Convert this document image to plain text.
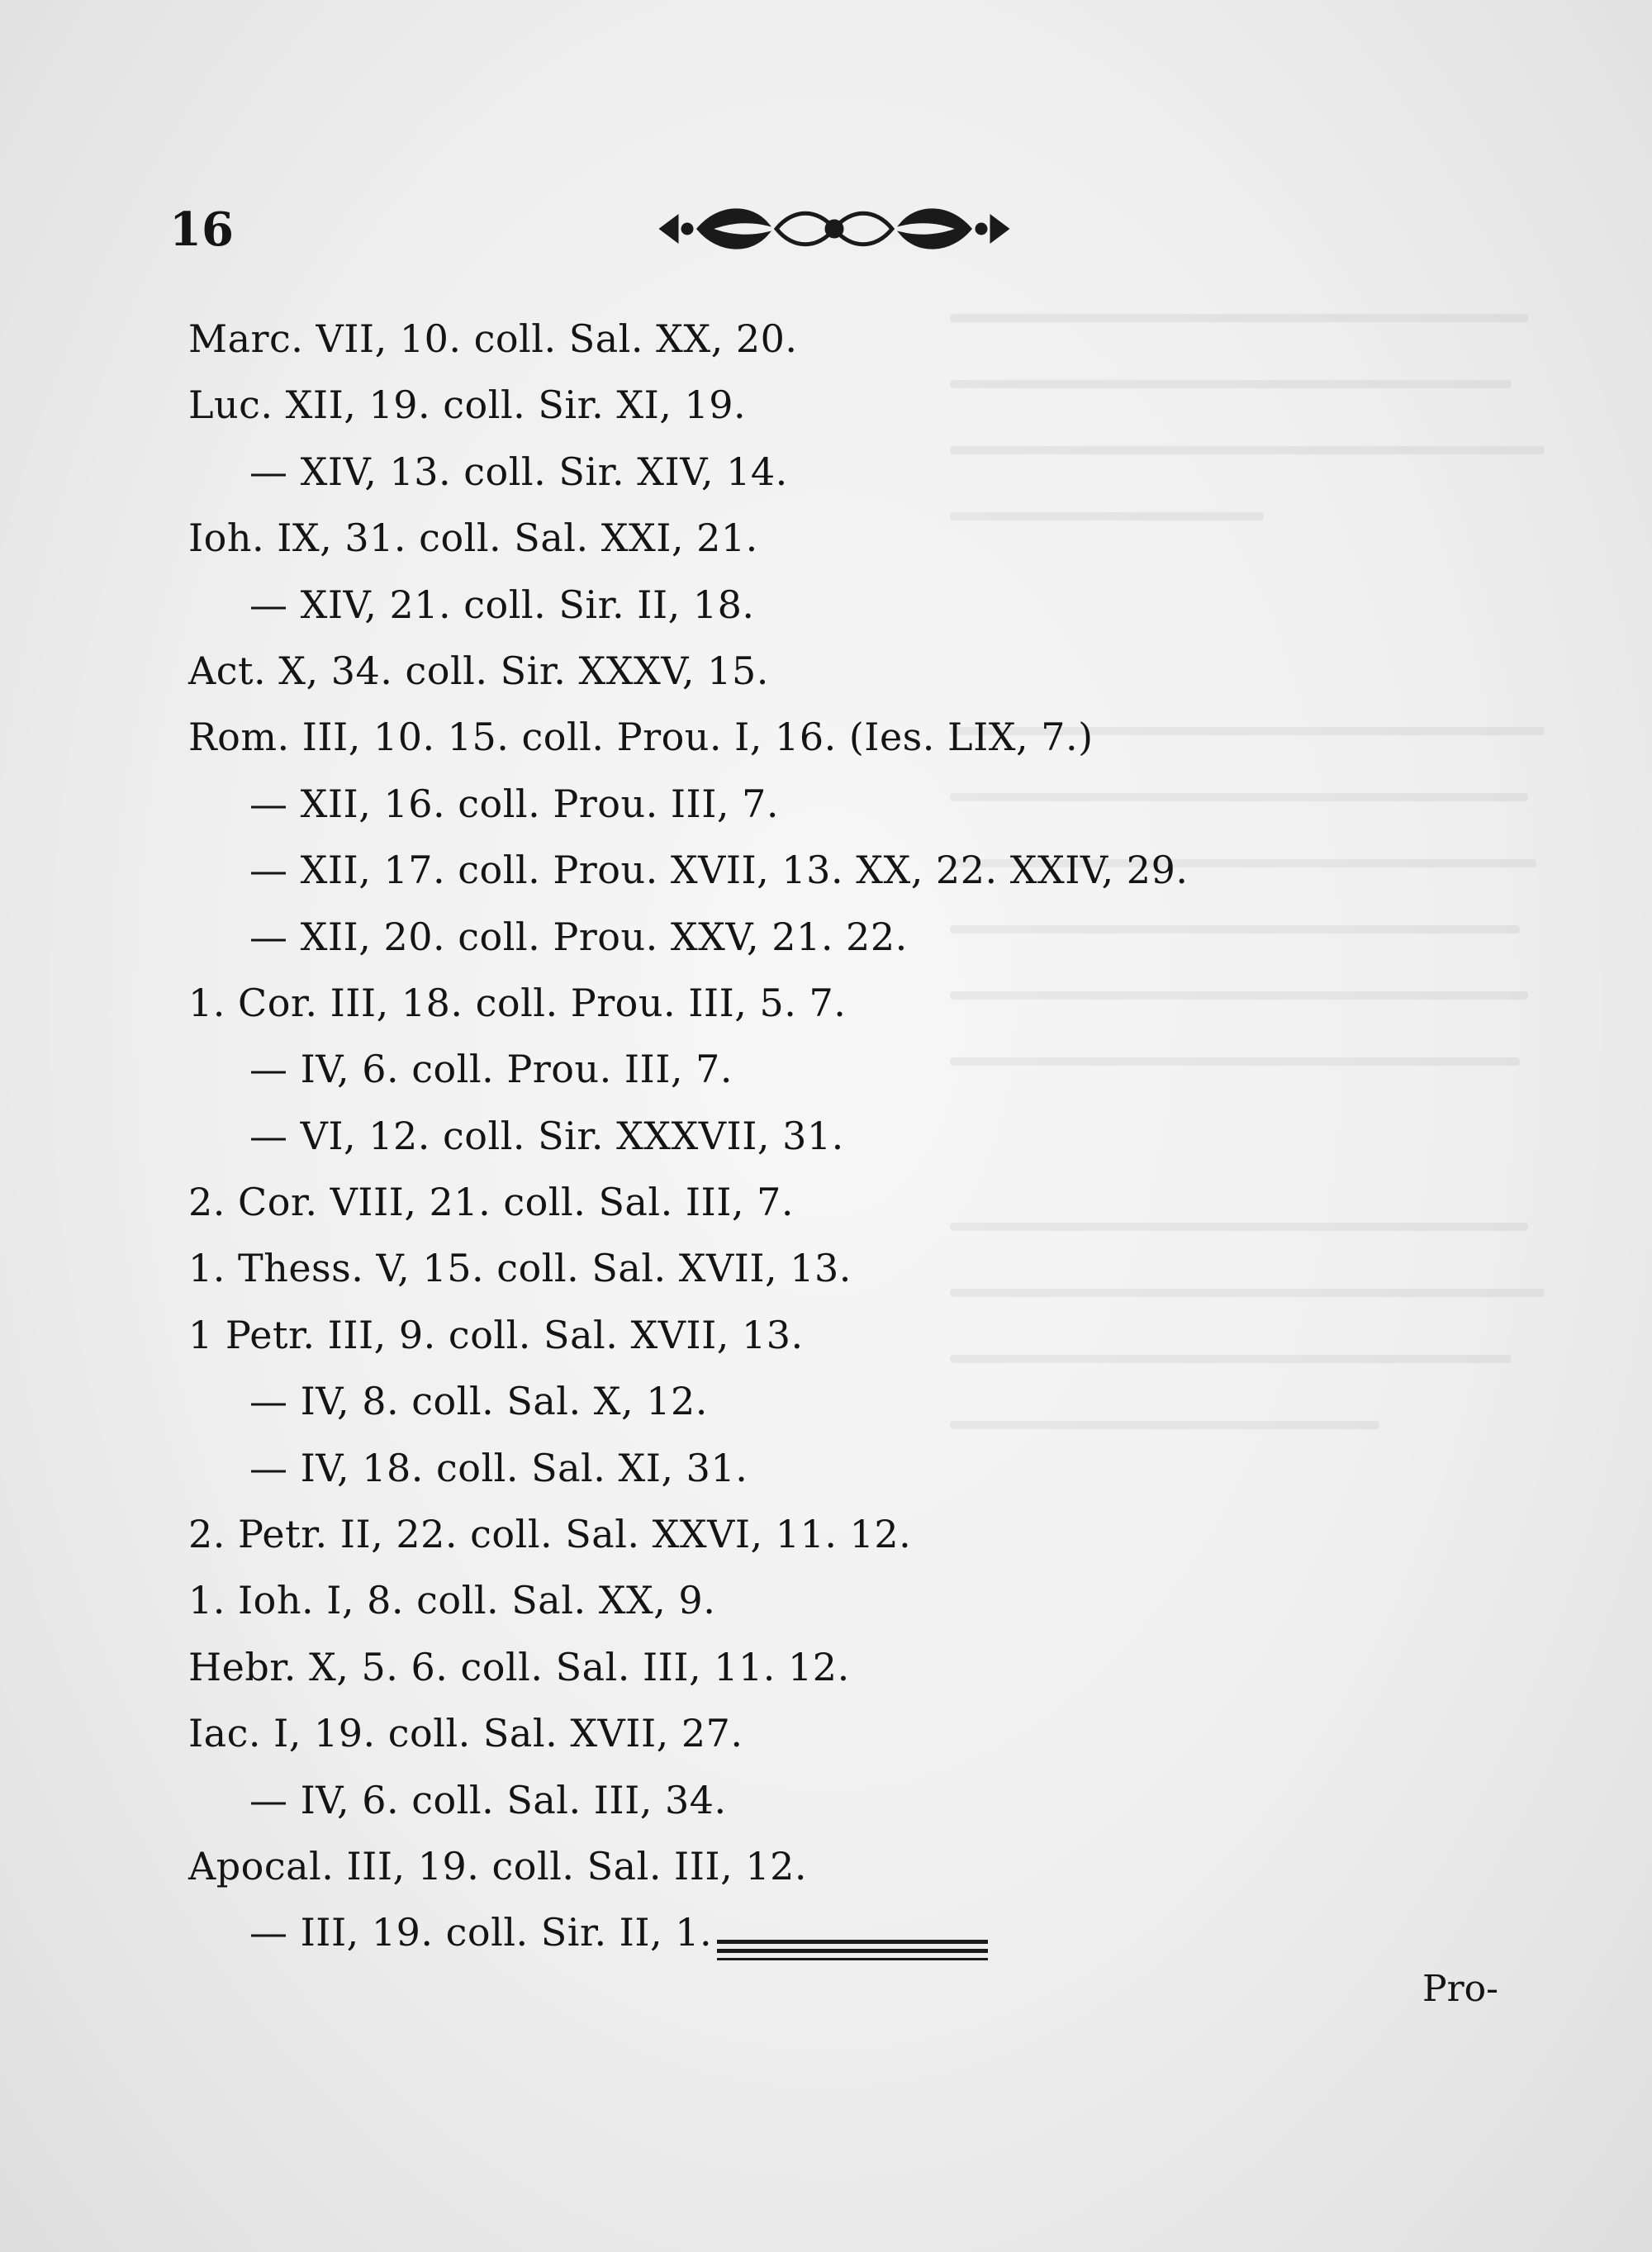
16
Marc. VII, 10. coll. Sal. XX, 20.
Luc. XII, 19. coll. Sir. XI, 19.
— XIV, 13. coll. Sir. XIV, 14.
Ioh. IX, 31. coll. Sal. XXI, 21.
— XIV, 21. coll. Sir. II, 18.
Act. X, 34. coll. Sir. XXXV, 15.
Rom. III, 10. 15. coll. Prou. I, 16. (Ies. LIX, 7.)
— XII, 16. coll. Prou. III, 7.
— XII, 17. coll. Prou. XVII, 13. XX, 22. XXIV, 29.
— XII, 20. coll. Prou. XXV, 21. 22.
1. Cor. III, 18. coll. Prou. III, 5. 7.
— IV, 6. coll. Prou. III, 7.
— VI, 12. coll. Sir. XXXVII, 31.
2. Cor. VIII, 21. coll. Sal. III, 7.
1. Thess. V, 15. coll. Sal. XVII, 13.
1 Petr. III, 9. coll. Sal. XVII, 13.
— IV, 8. coll. Sal. X, 12.
— IV, 18. coll. Sal. XI, 31.
2. Petr. II, 22. coll. Sal. XXVI, 11. 12.
1. Ioh. I, 8. coll. Sal. XX, 9.
Hebr. X, 5. 6. coll. Sal. III, 11. 12.
Iac. I, 19. coll. Sal. XVII, 27.
— IV, 6. coll. Sal. III, 34.
Apocal. III, 19. coll. Sal. III, 12.
— III, 19. coll. Sir. II, 1.
Pro-
